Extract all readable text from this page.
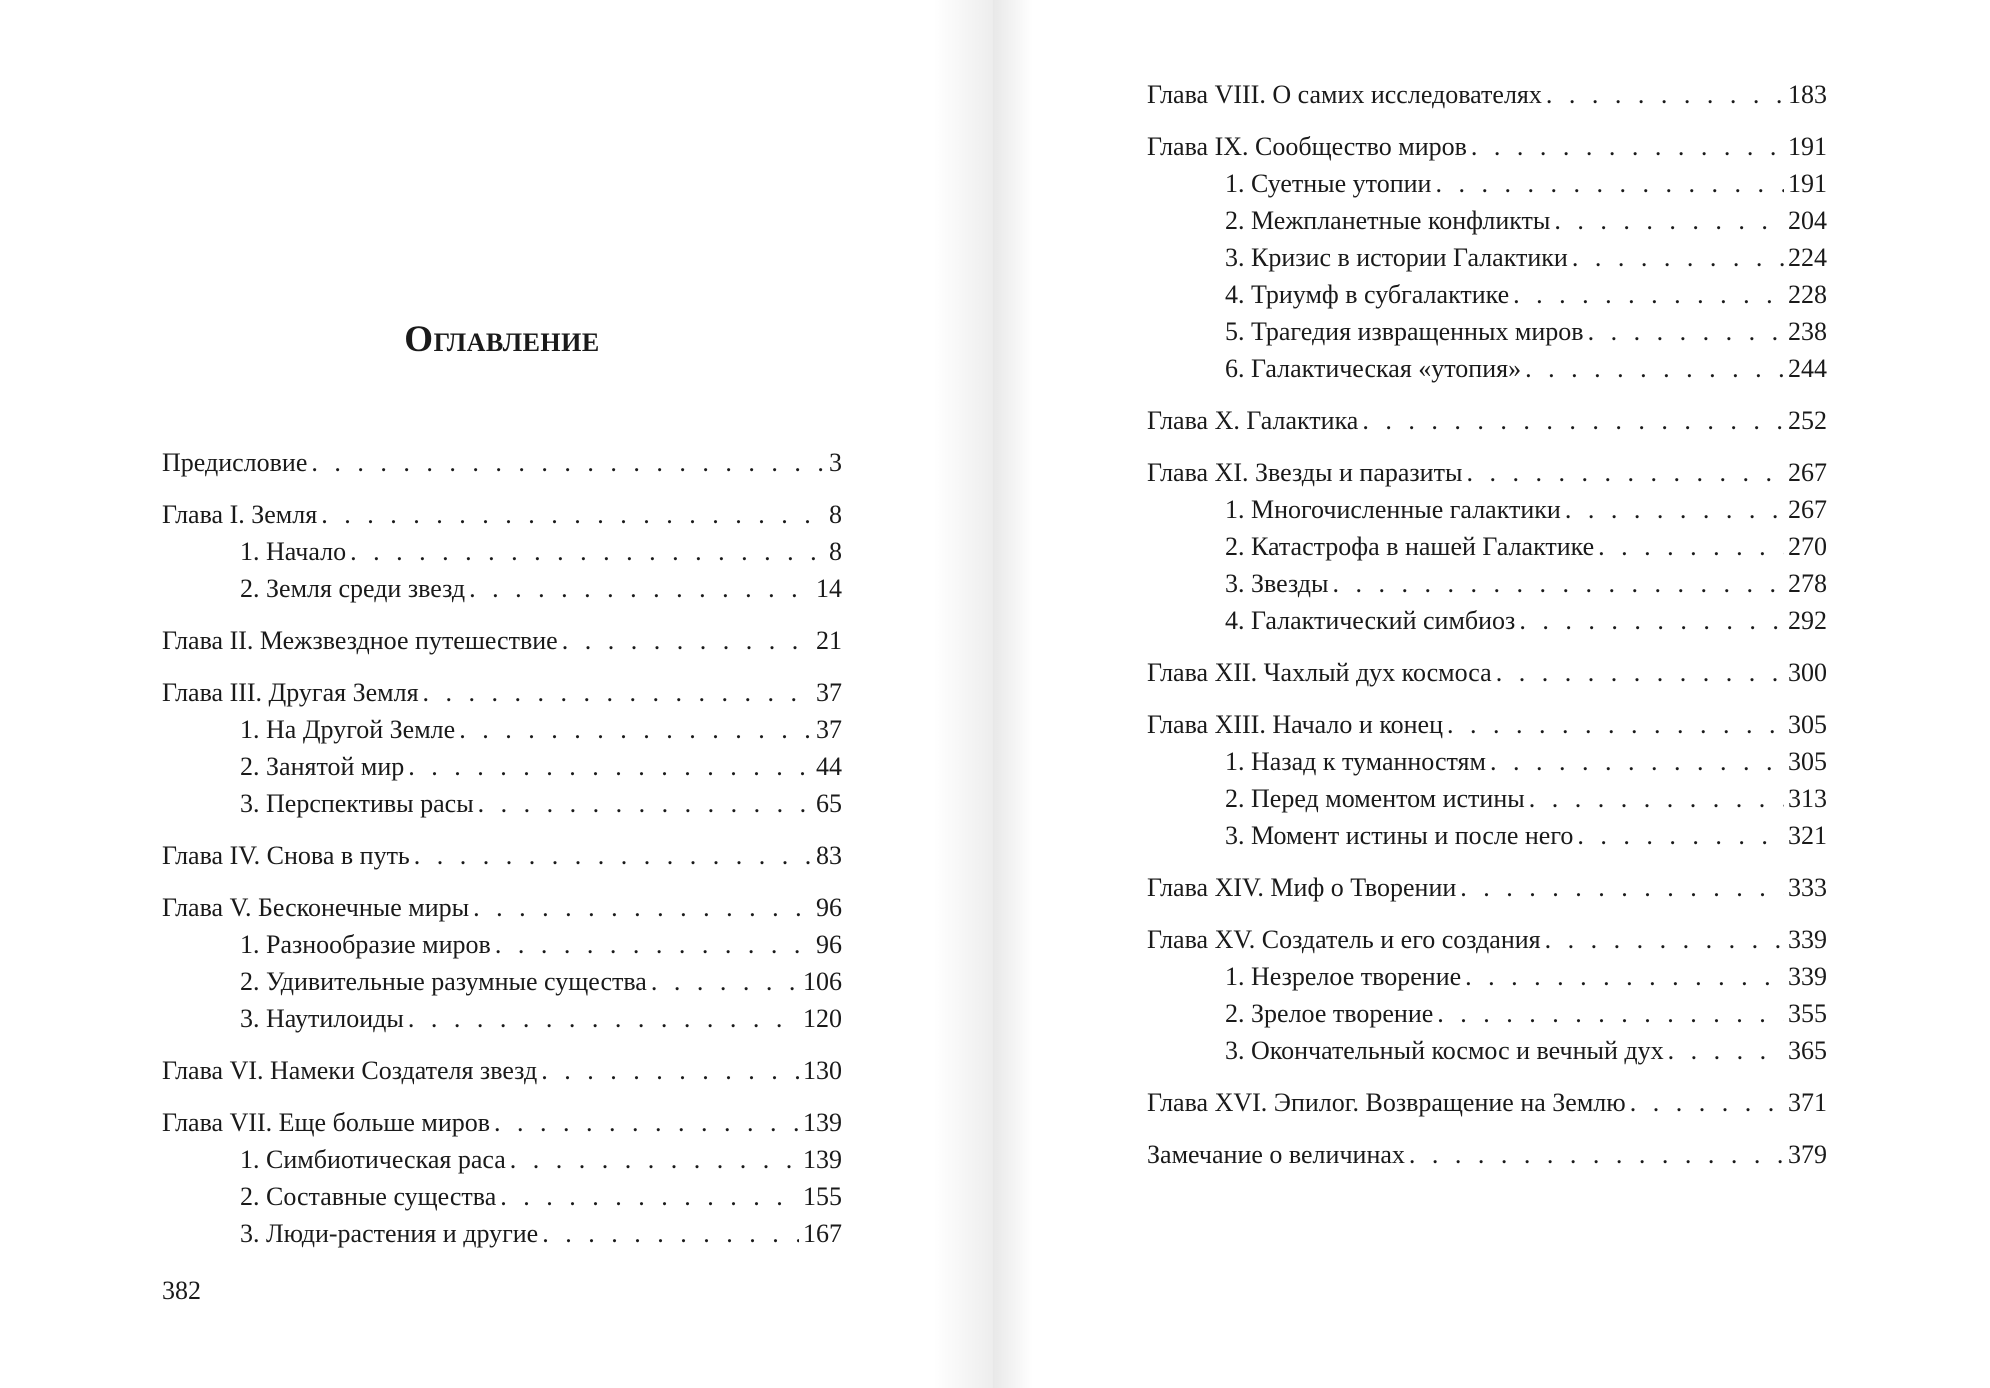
Оглавление
Предисловие . . .	3
Глава I. Земля . . .	8
1. Начало . . .	8
2. Земля среди звезд . . .	14
Глава II. Межзвездное путешествие . . .	21
Глава III. Другая Земля . . .	37
1. На Другой Земле . . .	37
2. Занятой мир . . .	44
3. Перспективы расы . . .	65
Глава IV. Снова в путь . . .	83
Глава V. Бесконечные миры . . .	96
1. Разнообразие миров . . .	96
2. Удивительные разумные существа . . .	106
3. Наутилоиды . . .	120
Глава VI. Намеки Создателя звезд . . .	130
Глава VII. Еще больше миров . . .	139
1. Симбиотическая раса . . .	139
2. Составные существа . . .	155
3. Люди-растения и другие . . .	167
382
Глава VIII. О самих исследователях . . .	183
Глава IX. Сообщество миров . . .	191
1. Суетные утопии . . .	191
2. Межпланетные конфликты . . .	204
3. Кризис в истории Галактики . . .	224
4. Триумф в субгалактике . . .	228
5. Трагедия извращенных миров . . .	238
6. Галактическая «утопия» . . .	244
Глава X. Галактика . . .	252
Глава XI. Звезды и паразиты . . .	267
1. Многочисленные галактики . . .	267
2. Катастрофа в нашей Галактике . . .	270
3. Звезды . . .	278
4. Галактический симбиоз . . .	292
Глава XII. Чахлый дух космоса . . .	300
Глава XIII. Начало и конец . . .	305
1. Назад к туманностям . . .	305
2. Перед моментом истины . . .	313
3. Момент истины и после него . . .	321
Глава XIV. Миф о Творении . . .	333
Глава XV. Создатель и его создания . . .	339
1. Незрелое творение . . .	339
2. Зрелое творение . . .	355
3. Окончательный космос и вечный дух . . .	365
Глава XVI. Эпилог. Возвращение на Землю . . .	371
Замечание о величинах . . .	379
